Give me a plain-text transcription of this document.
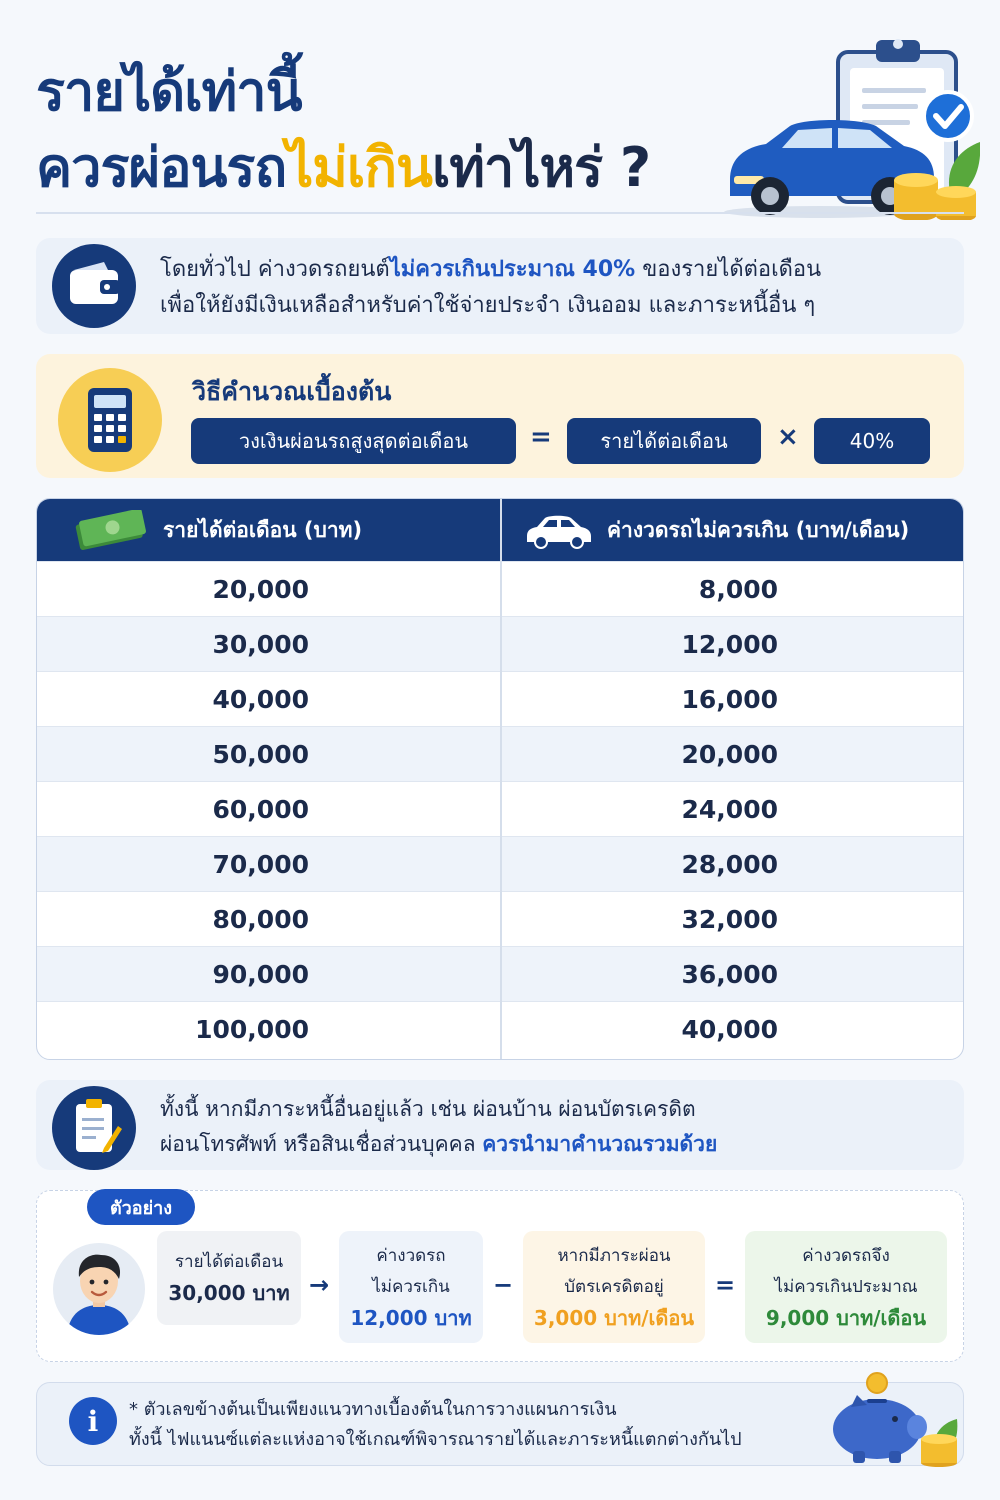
รายได้เท่านี้
ควรผ่อนรถไม่เกินเท่าไหร่ ?
โดยทั่วไป ค่างวดรถยนต์ไม่ควรเกินประมาณ 40% ของรายได้ต่อเดือน
เพื่อให้ยังมีเงินเหลือสำหรับค่าใช้จ่ายประจำ เงินออม และภาระหนี้อื่น ๆ
วิธีคำนวณเบื้องต้น
วงเงินผ่อนรถสูงสุดต่อเดือน	=	รายได้ต่อเดือน	×	40%
รายได้ต่อเดือน (บาท)	ค่างวดรถไม่ควรเกิน (บาท/เดือน)
20,000	8,000
30,000	12,000
40,000	16,000
50,000	20,000
60,000	24,000
70,000	28,000
80,000	32,000
90,000	36,000
100,000	40,000
ทั้งนี้ หากมีภาระหนี้อื่นอยู่แล้ว เช่น ผ่อนบ้าน ผ่อนบัตรเครดิต
ผ่อนโทรศัพท์ หรือสินเชื่อส่วนบุคคล ควรนำมาคำนวณรวมด้วย
ตัวอย่าง
รายได้ต่อเดือน
30,000 บาท →
ค่างวดรถ
ไม่ควรเกิน
12,000 บาท
−
หากมีภาระผ่อน
บัตรเครดิตอยู่
3,000 บาท/เดือน
=
ค่างวดรถจึง
ไม่ควรเกินประมาณ
9,000 บาท/เดือน
i	* ตัวเลขข้างต้นเป็นเพียงแนวทางเบื้องต้นในการวางแผนการเงิน
ทั้งนี้ ไฟแนนซ์แต่ละแห่งอาจใช้เกณฑ์พิจารณารายได้และภาระหนี้แตกต่างกันไป
